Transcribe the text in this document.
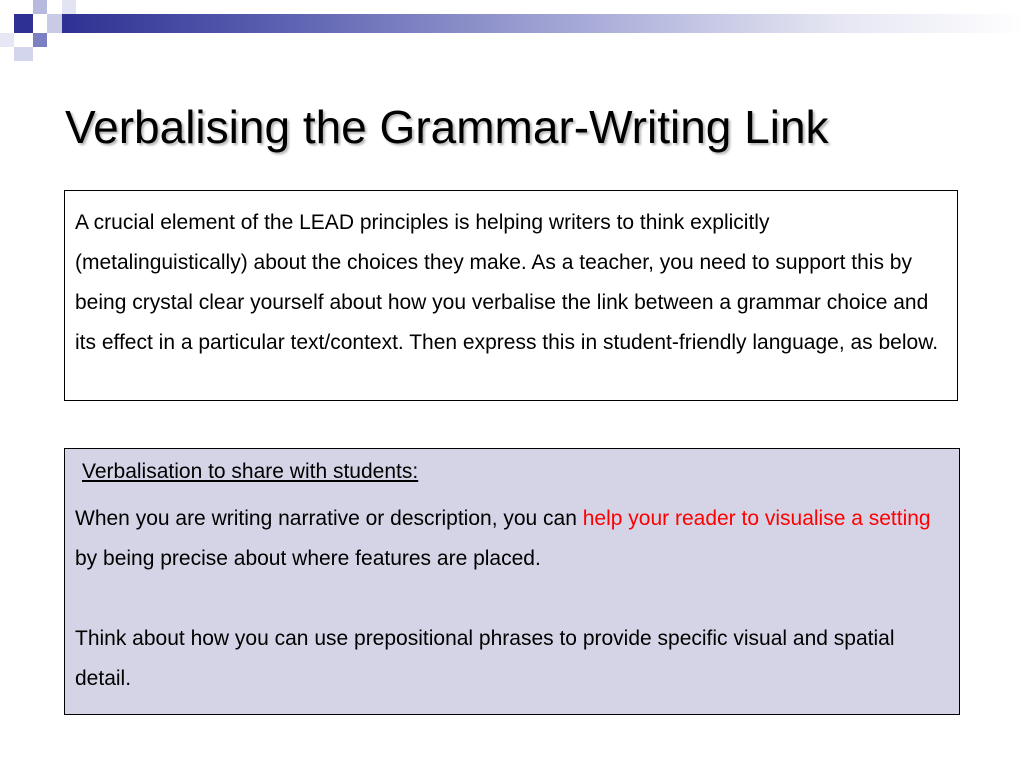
Verbalising the Grammar-Writing Link
A crucial element of the LEAD principles is helping writers to think explicitly (metalinguistically) about the choices they make. As a teacher, you need to support this by being crystal clear yourself about how you verbalise the link between a grammar choice and its effect in a particular text/context. Then express this in student-friendly language, as below.
Verbalisation to share with students:
When you are writing narrative or description, you can help your reader to visualise a setting by being precise about where features are placed.
Think about how you can use prepositional phrases to provide specific visual and spatial detail.
